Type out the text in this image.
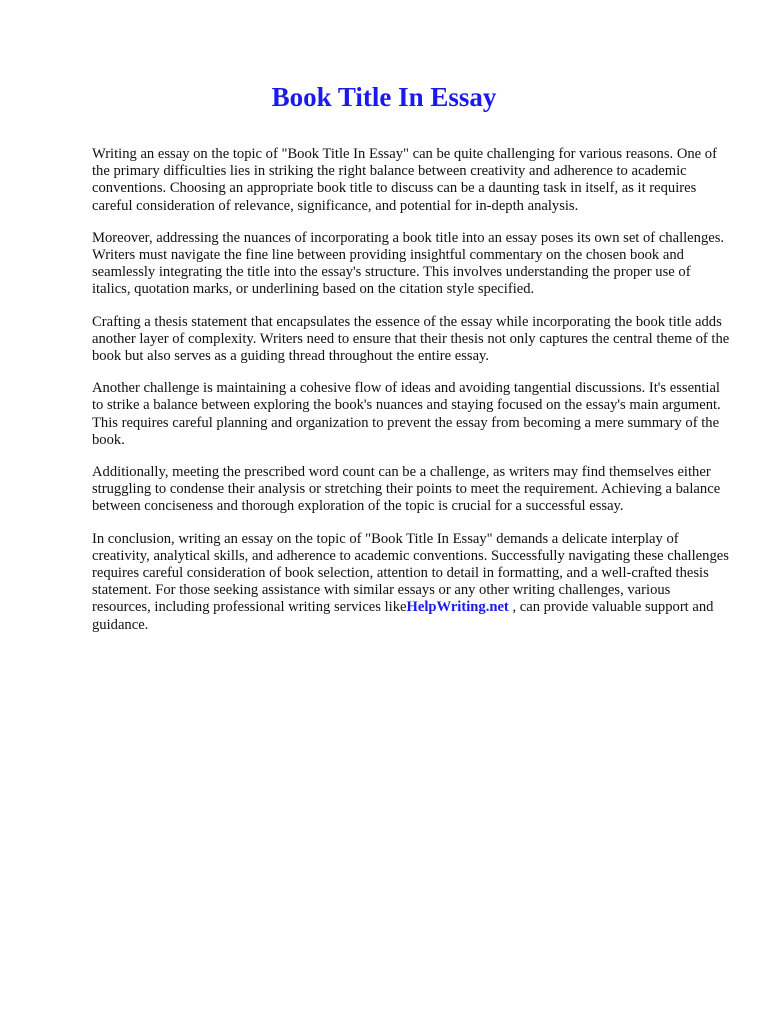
Book Title In Essay

Writing an essay on the topic of "Book Title In Essay" can be quite challenging for various reasons. One of the primary difficulties lies in striking the right balance between creativity and adherence to academic conventions. Choosing an appropriate book title to discuss can be a daunting task in itself, as it requires careful consideration of relevance, significance, and potential for in-depth analysis.

Moreover, addressing the nuances of incorporating a book title into an essay poses its own set of challenges. Writers must navigate the fine line between providing insightful commentary on the chosen book and seamlessly integrating the title into the essay's structure. This involves understanding the proper use of italics, quotation marks, or underlining based on the citation style specified.

Crafting a thesis statement that encapsulates the essence of the essay while incorporating the book title adds another layer of complexity. Writers need to ensure that their thesis not only captures the central theme of the book but also serves as a guiding thread throughout the entire essay.

Another challenge is maintaining a cohesive flow of ideas and avoiding tangential discussions. It's essential to strike a balance between exploring the book's nuances and staying focused on the essay's main argument. This requires careful planning and organization to prevent the essay from becoming a mere summary of the book.

Additionally, meeting the prescribed word count can be a challenge, as writers may find themselves either struggling to condense their analysis or stretching their points to meet the requirement. Achieving a balance between conciseness and thorough exploration of the topic is crucial for a successful essay.

In conclusion, writing an essay on the topic of "Book Title In Essay" demands a delicate interplay of creativity, analytical skills, and adherence to academic conventions. Successfully navigating these challenges requires careful consideration of book selection, attention to detail in formatting, and a well-crafted thesis statement. For those seeking assistance with similar essays or any other writing challenges, various resources, including professional writing services likeHelpWriting.net , can provide valuable support and guidance.
